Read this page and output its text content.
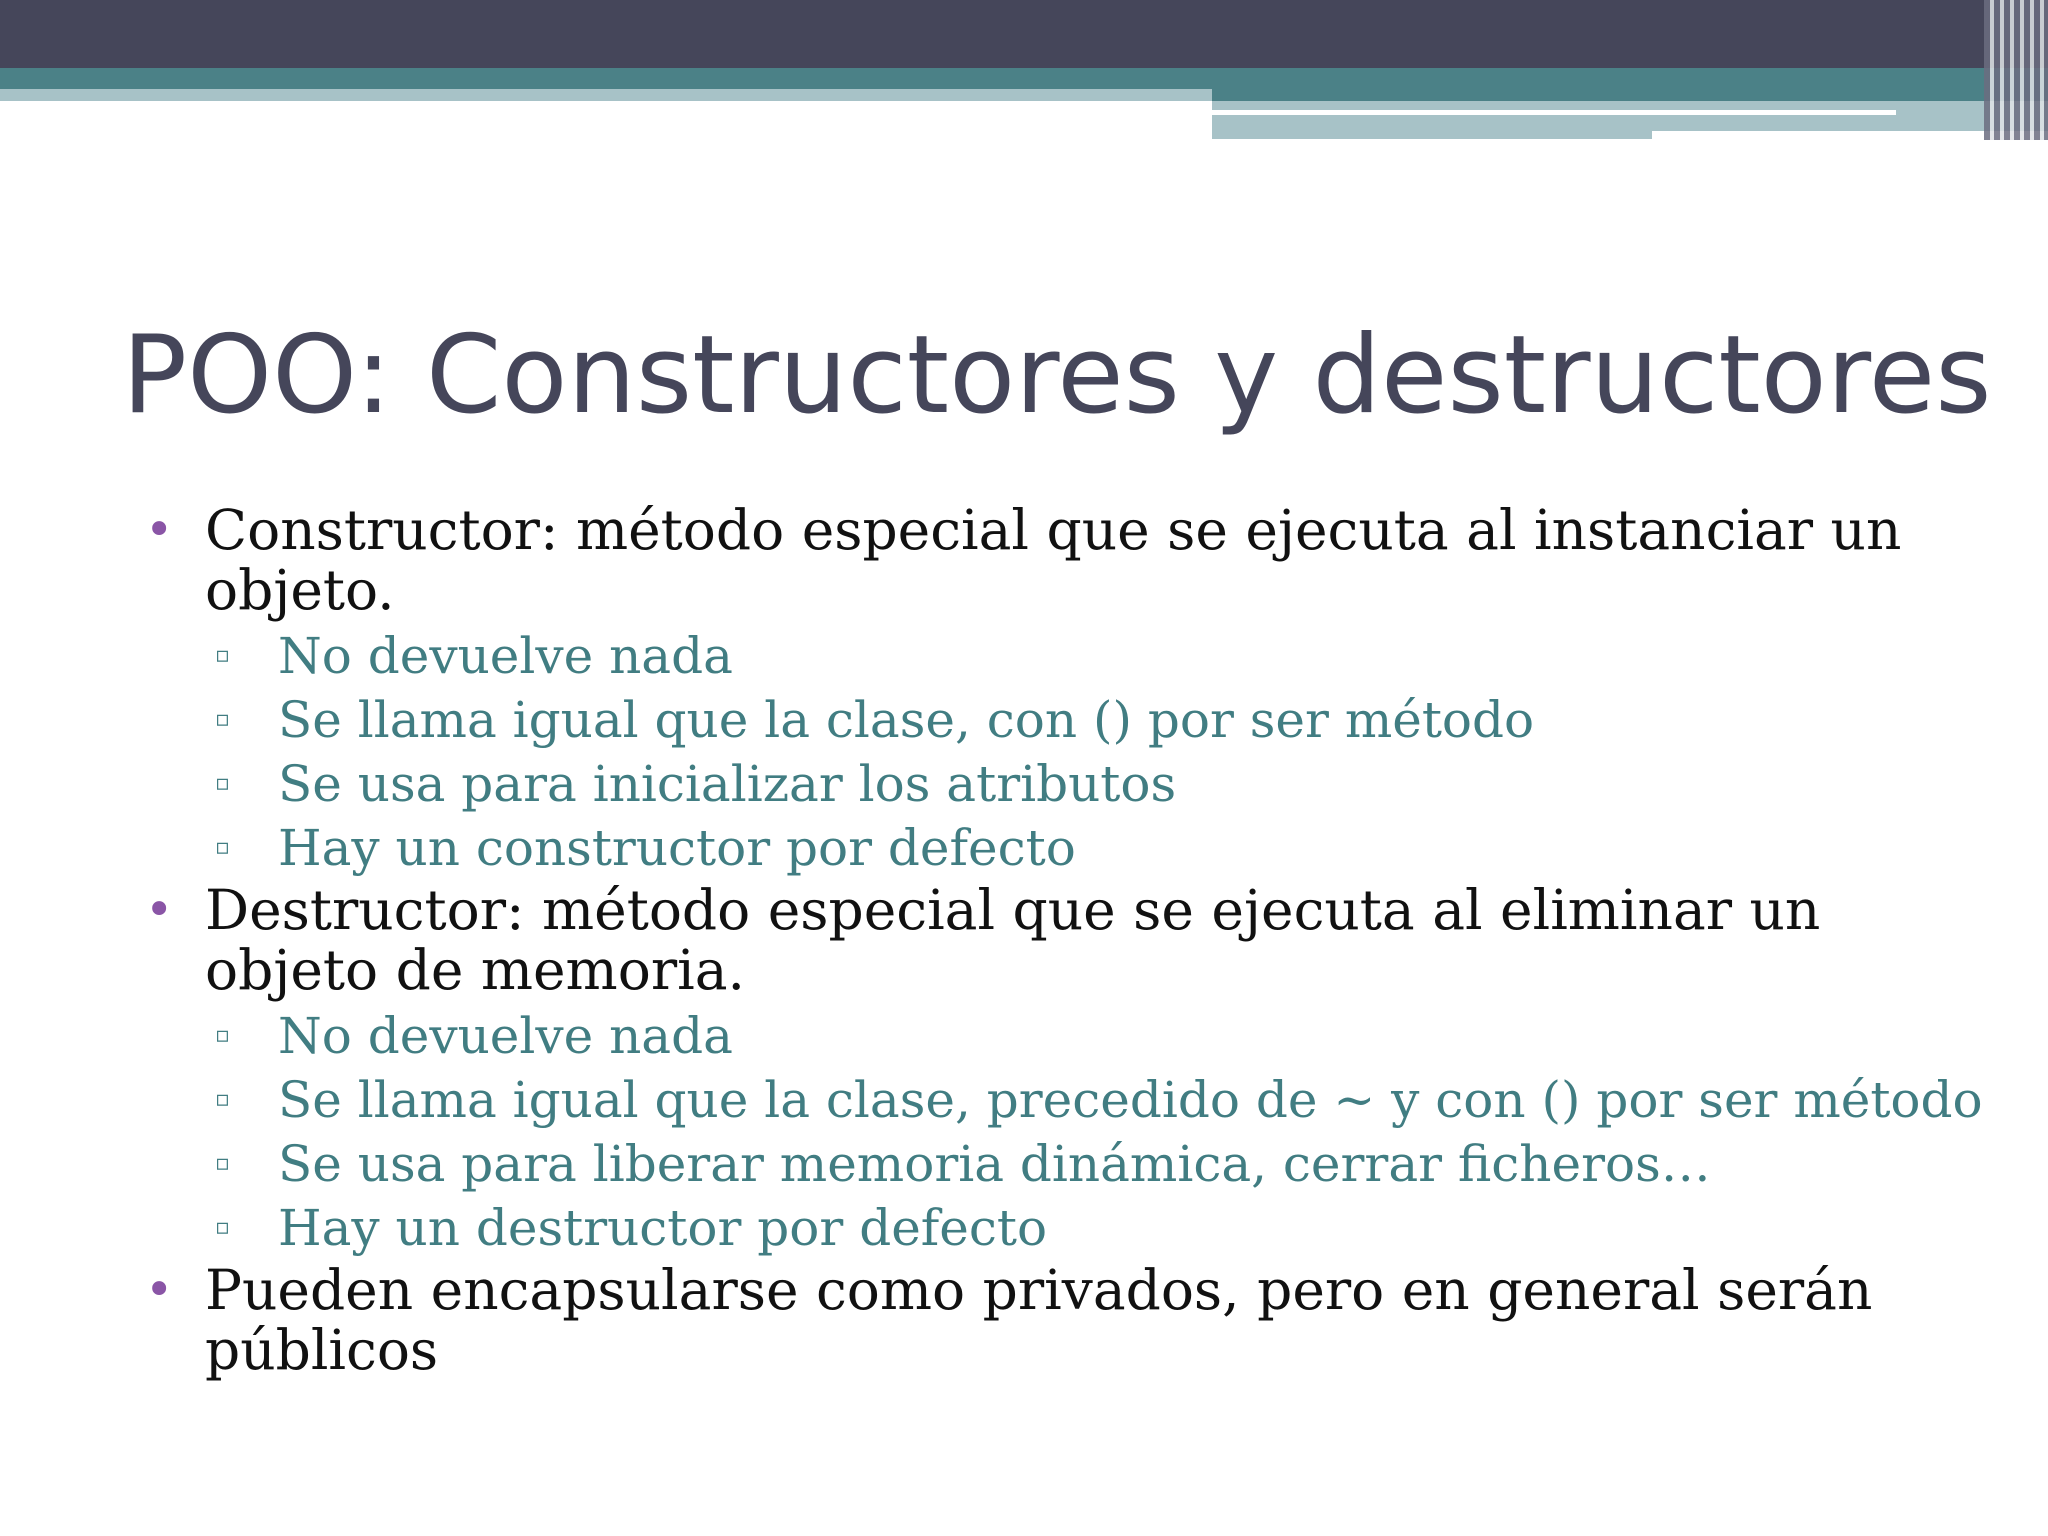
POO: Constructores y destructores
• Constructor: método especial que se ejecuta al instanciar un objeto.
▫ No devuelve nada
▫ Se llama igual que la clase, con () por ser método
▫ Se usa para inicializar los atributos
▫ Hay un constructor por defecto
• Destructor: método especial que se ejecuta al eliminar un objeto de memoria.
▫ No devuelve nada
▫ Se llama igual que la clase, precedido de ~ y con () por ser método
▫ Se usa para liberar memoria dinámica, cerrar ficheros…
▫ Hay un destructor por defecto
• Pueden encapsularse como privados, pero en general serán públicos
